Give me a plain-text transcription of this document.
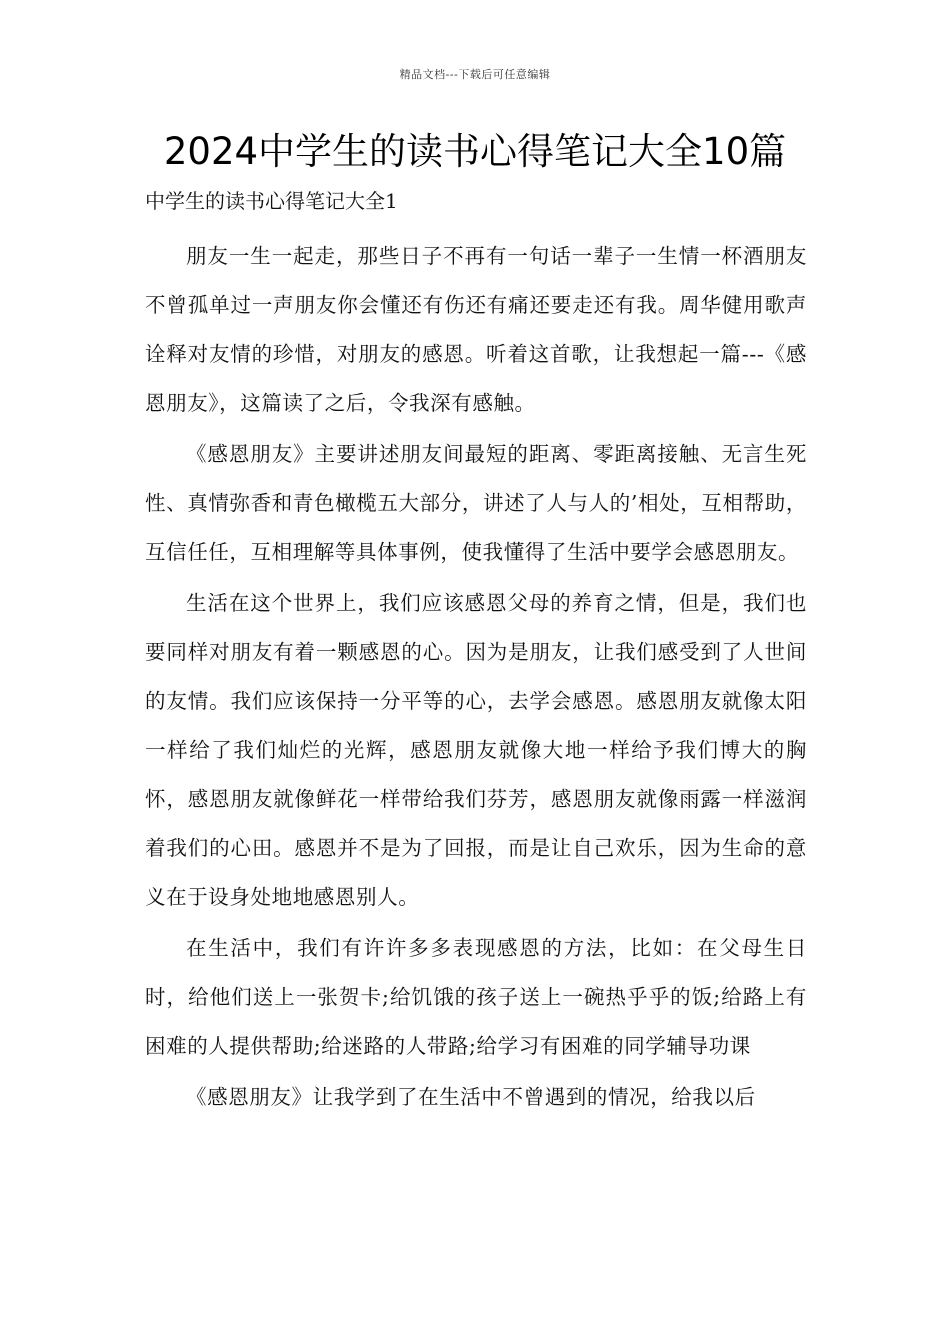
精品文档---下载后可任意编辑
2024中学生的读书心得笔记大全10篇
中学生的读书心得笔记大全1

朋友一生一起走，那些日子不再有一句话一辈子一生情一杯酒朋友不曾孤单过一声朋友你会懂还有伤还有痛还要走还有我。周华健用歌声诠释对友情的珍惜，对朋友的感恩。听着这首歌，让我想起一篇---《感恩朋友》，这篇读了之后，令我深有感触。

《感恩朋友》主要讲述朋友间最短的距离、零距离接触、无言生死性、真情弥香和青色橄榄五大部分，讲述了人与人的’相处，互相帮助，互信任任，互相理解等具体事例，使我懂得了生活中要学会感恩朋友。

生活在这个世界上，我们应该感恩父母的养育之情，但是，我们也要同样对朋友有着一颗感恩的心。因为是朋友，让我们感受到了人世间的友情。我们应该保持一分平等的心，去学会感恩。感恩朋友就像太阳一样给了我们灿烂的光辉，感恩朋友就像大地一样给予我们博大的胸怀，感恩朋友就像鲜花一样带给我们芬芳，感恩朋友就像雨露一样滋润着我们的心田。感恩并不是为了回报，而是让自己欢乐，因为生命的意义在于设身处地地感恩别人。

在生活中，我们有许许多多表现感恩的方法，比如：在父母生日时，给他们送上一张贺卡;给饥饿的孩子送上一碗热乎乎的饭;给路上有困难的人提供帮助;给迷路的人带路;给学习有困难的同学辅导功课

《感恩朋友》让我学到了在生活中不曾遇到的情况，给我以后
